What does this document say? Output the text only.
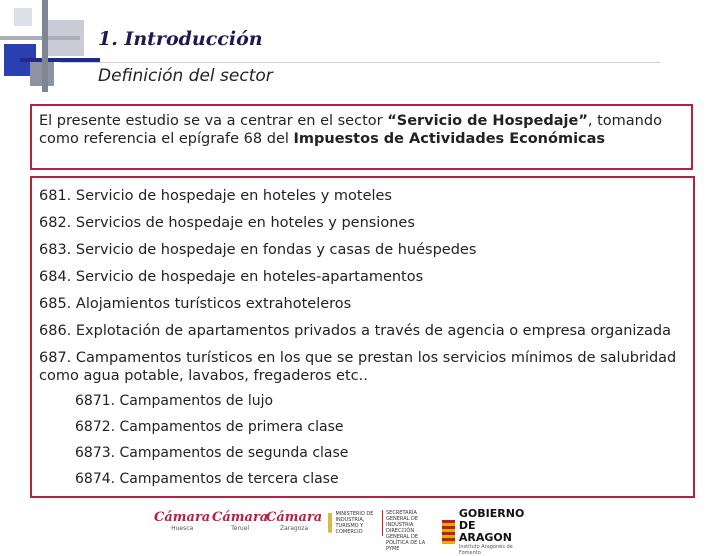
1. Introducción
Definición del sector
El presente estudio se va a centrar en el sector “Servicio de Hospedaje”, tomando como referencia el epígrafe 68 del Impuestos de Actividades Económicas
681. Servicio de hospedaje en hoteles y moteles
682. Servicios de hospedaje en hoteles y pensiones
683. Servicio de hospedaje en fondas y casas de huéspedes
684. Servicio de hospedaje en hoteles-apartamentos
685. Alojamientos turísticos extrahoteleros
686. Explotación de apartamentos privados a través de agencia o empresa organizada
687. Campamentos turísticos en los que se prestan los servicios mínimos de salubridad como agua potable, lavabos, fregaderos etc..
6871. Campamentos de lujo
6872. Campamentos de primera clase
6873. Campamentos de segunda clase
6874. Campamentos de tercera clase
Cámara
Huesca
Cámara
Teruel
Cámara
Zaragoza
MINISTERIO DE INDUSTRIA, TURISMO Y COMERCIO
SECRETARÍA GENERAL DE INDUSTRIA DIRECCIÓN GENERAL DE POLÍTICA DE LA PYME
GOBIERNO
DE ARAGON
Instituto Aragonés de Fomento
